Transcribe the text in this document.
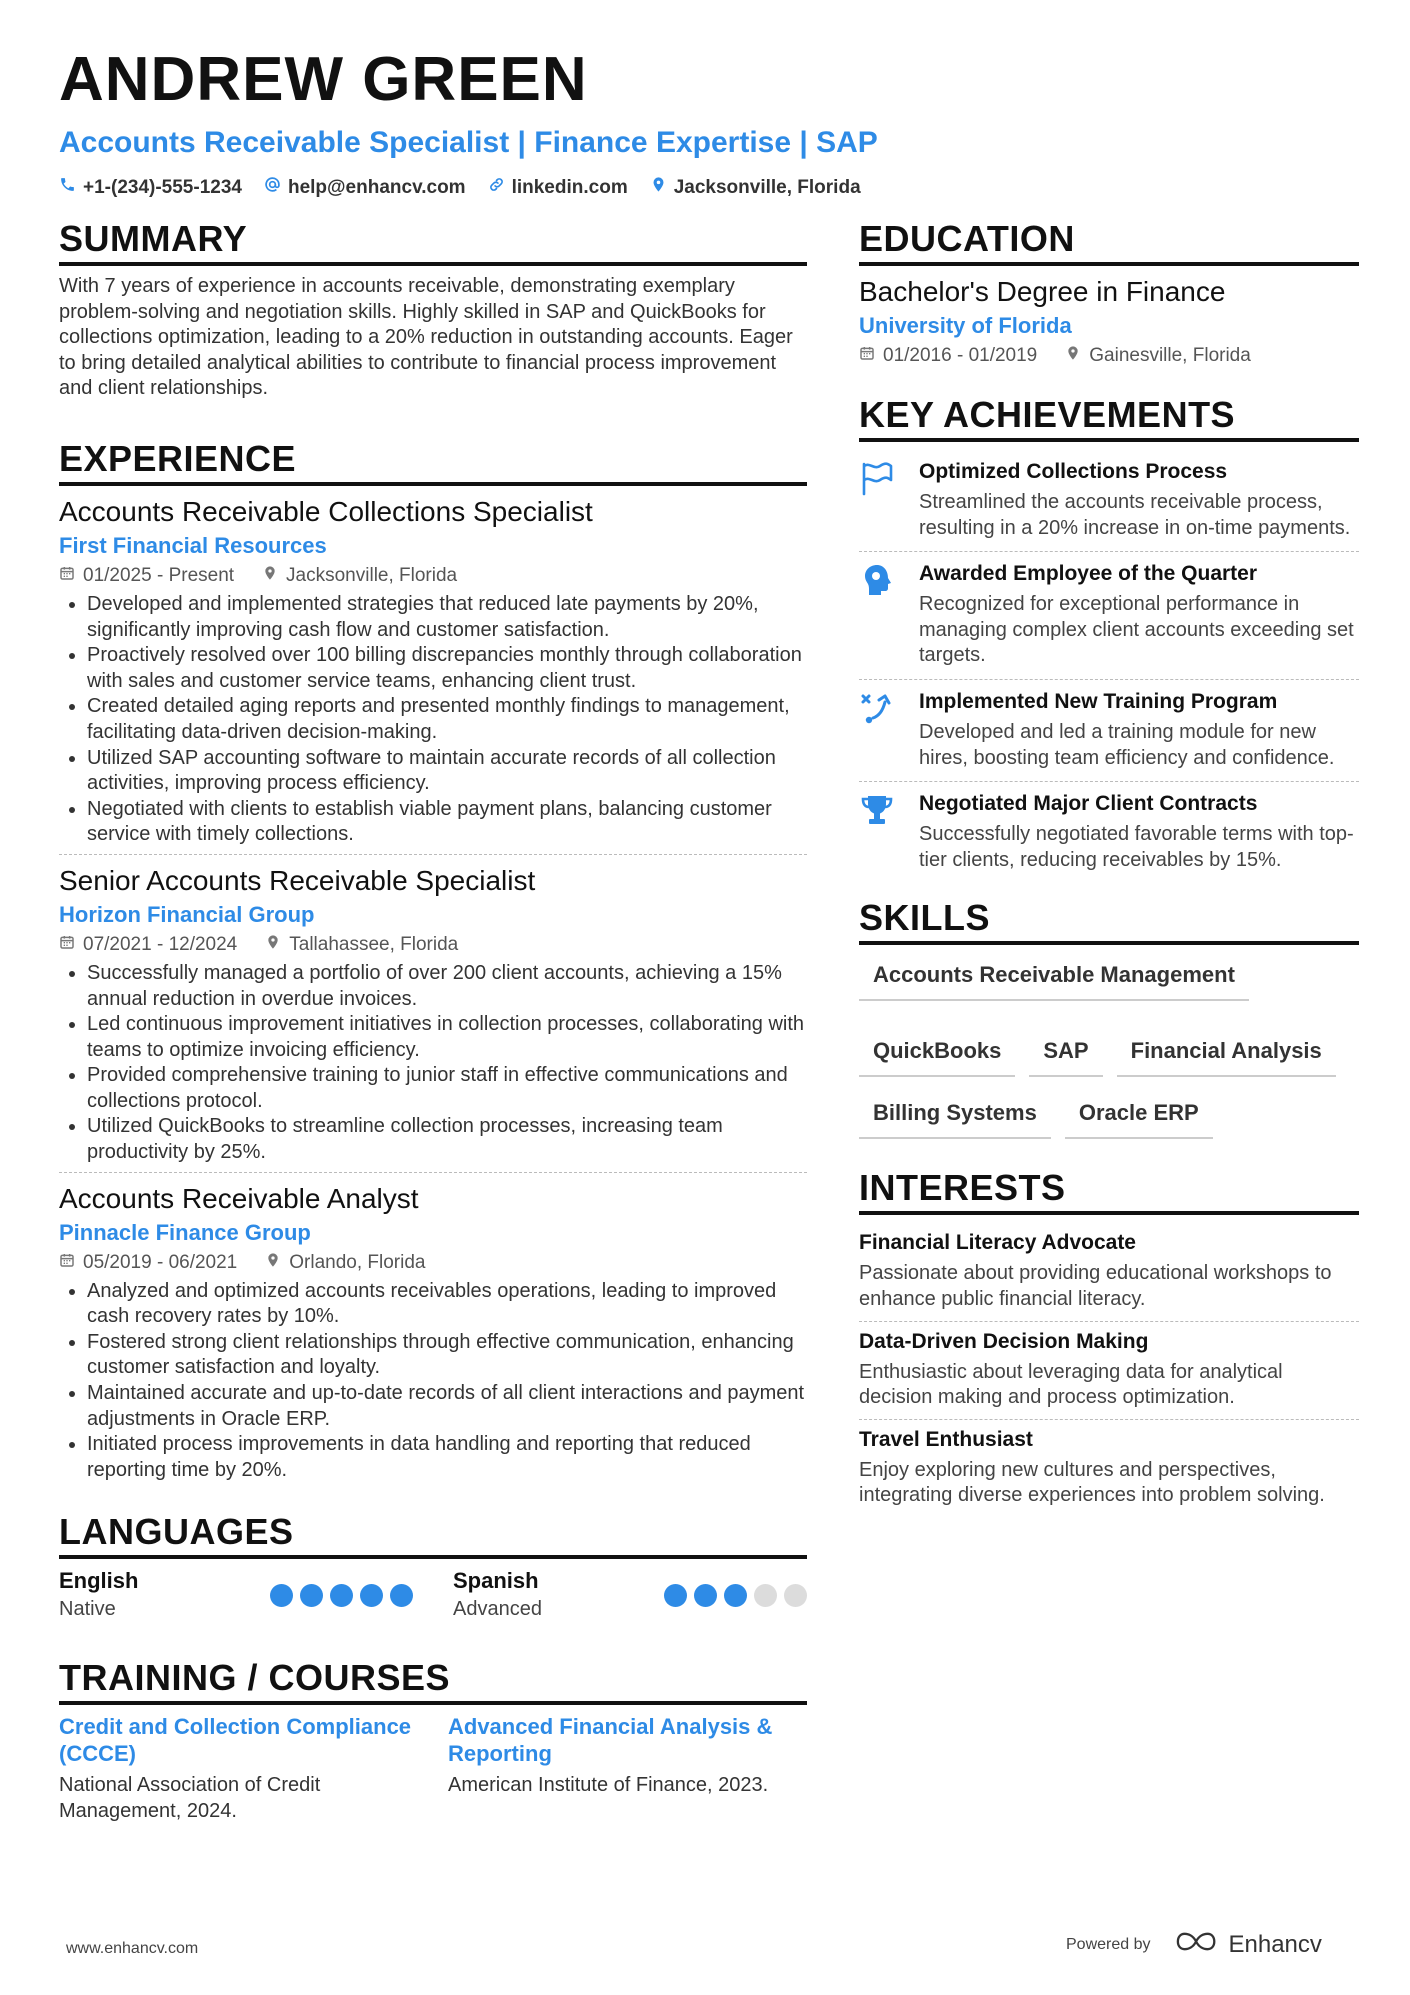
ANDREW GREEN
Accounts Receivable Specialist | Finance Expertise | SAP
+1-(234)-555-1234 help@enhancv.com linkedin.com Jacksonville, Florida
SUMMARY
With 7 years of experience in accounts receivable, demonstrating exemplary problem-solving and negotiation skills. Highly skilled in SAP and QuickBooks for collections optimization, leading to a 20% reduction in outstanding accounts. Eager to bring detailed analytical abilities to contribute to financial process improvement and client relationships.
EXPERIENCE
Accounts Receivable Collections Specialist
First Financial Resources
01/2025 - Present	Jacksonville, Florida
• Developed and implemented strategies that reduced late payments by 20%, significantly improving cash flow and customer satisfaction.
• Proactively resolved over 100 billing discrepancies monthly through collaboration with sales and customer service teams, enhancing client trust.
• Created detailed aging reports and presented monthly findings to management, facilitating data-driven decision-making.
• Utilized SAP accounting software to maintain accurate records of all collection activities, improving process efficiency.
• Negotiated with clients to establish viable payment plans, balancing customer service with timely collections.
Senior Accounts Receivable Specialist
Horizon Financial Group
07/2021 - 12/2024	Tallahassee, Florida
• Successfully managed a portfolio of over 200 client accounts, achieving a 15% annual reduction in overdue invoices.
• Led continuous improvement initiatives in collection processes, collaborating with teams to optimize invoicing efficiency.
• Provided comprehensive training to junior staff in effective communications and collections protocol.
• Utilized QuickBooks to streamline collection processes, increasing team productivity by 25%.
Accounts Receivable Analyst
Pinnacle Finance Group
05/2019 - 06/2021	Orlando, Florida
• Analyzed and optimized accounts receivables operations, leading to improved cash recovery rates by 10%.
• Fostered strong client relationships through effective communication, enhancing customer satisfaction and loyalty.
• Maintained accurate and up-to-date records of all client interactions and payment adjustments in Oracle ERP.
• Initiated process improvements in data handling and reporting that reduced reporting time by 20%.
LANGUAGES
English
Native
Spanish
Advanced
TRAINING / COURSES
Credit and Collection Compliance (CCCE)
National Association of Credit Management, 2024.
Advanced Financial Analysis & Reporting
American Institute of Finance, 2023.
EDUCATION
Bachelor's Degree in Finance
University of Florida
01/2016 - 01/2019	Gainesville, Florida
KEY ACHIEVEMENTS
Optimized Collections Process
Streamlined the accounts receivable process, resulting in a 20% increase in on-time payments.
Awarded Employee of the Quarter
Recognized for exceptional performance in managing complex client accounts exceeding set targets.
Implemented New Training Program
Developed and led a training module for new hires, boosting team efficiency and confidence.
Negotiated Major Client Contracts
Successfully negotiated favorable terms with top-tier clients, reducing receivables by 15%.
SKILLS
Accounts Receivable Management
QuickBooks	SAP	Financial Analysis
Billing Systems	Oracle ERP
INTERESTS
Financial Literacy Advocate
Passionate about providing educational workshops to enhance public financial literacy.
Data-Driven Decision Making
Enthusiastic about leveraging data for analytical decision making and process optimization.
Travel Enthusiast
Enjoy exploring new cultures and perspectives, integrating diverse experiences into problem solving.
www.enhancv.com	Powered by	Enhancv
